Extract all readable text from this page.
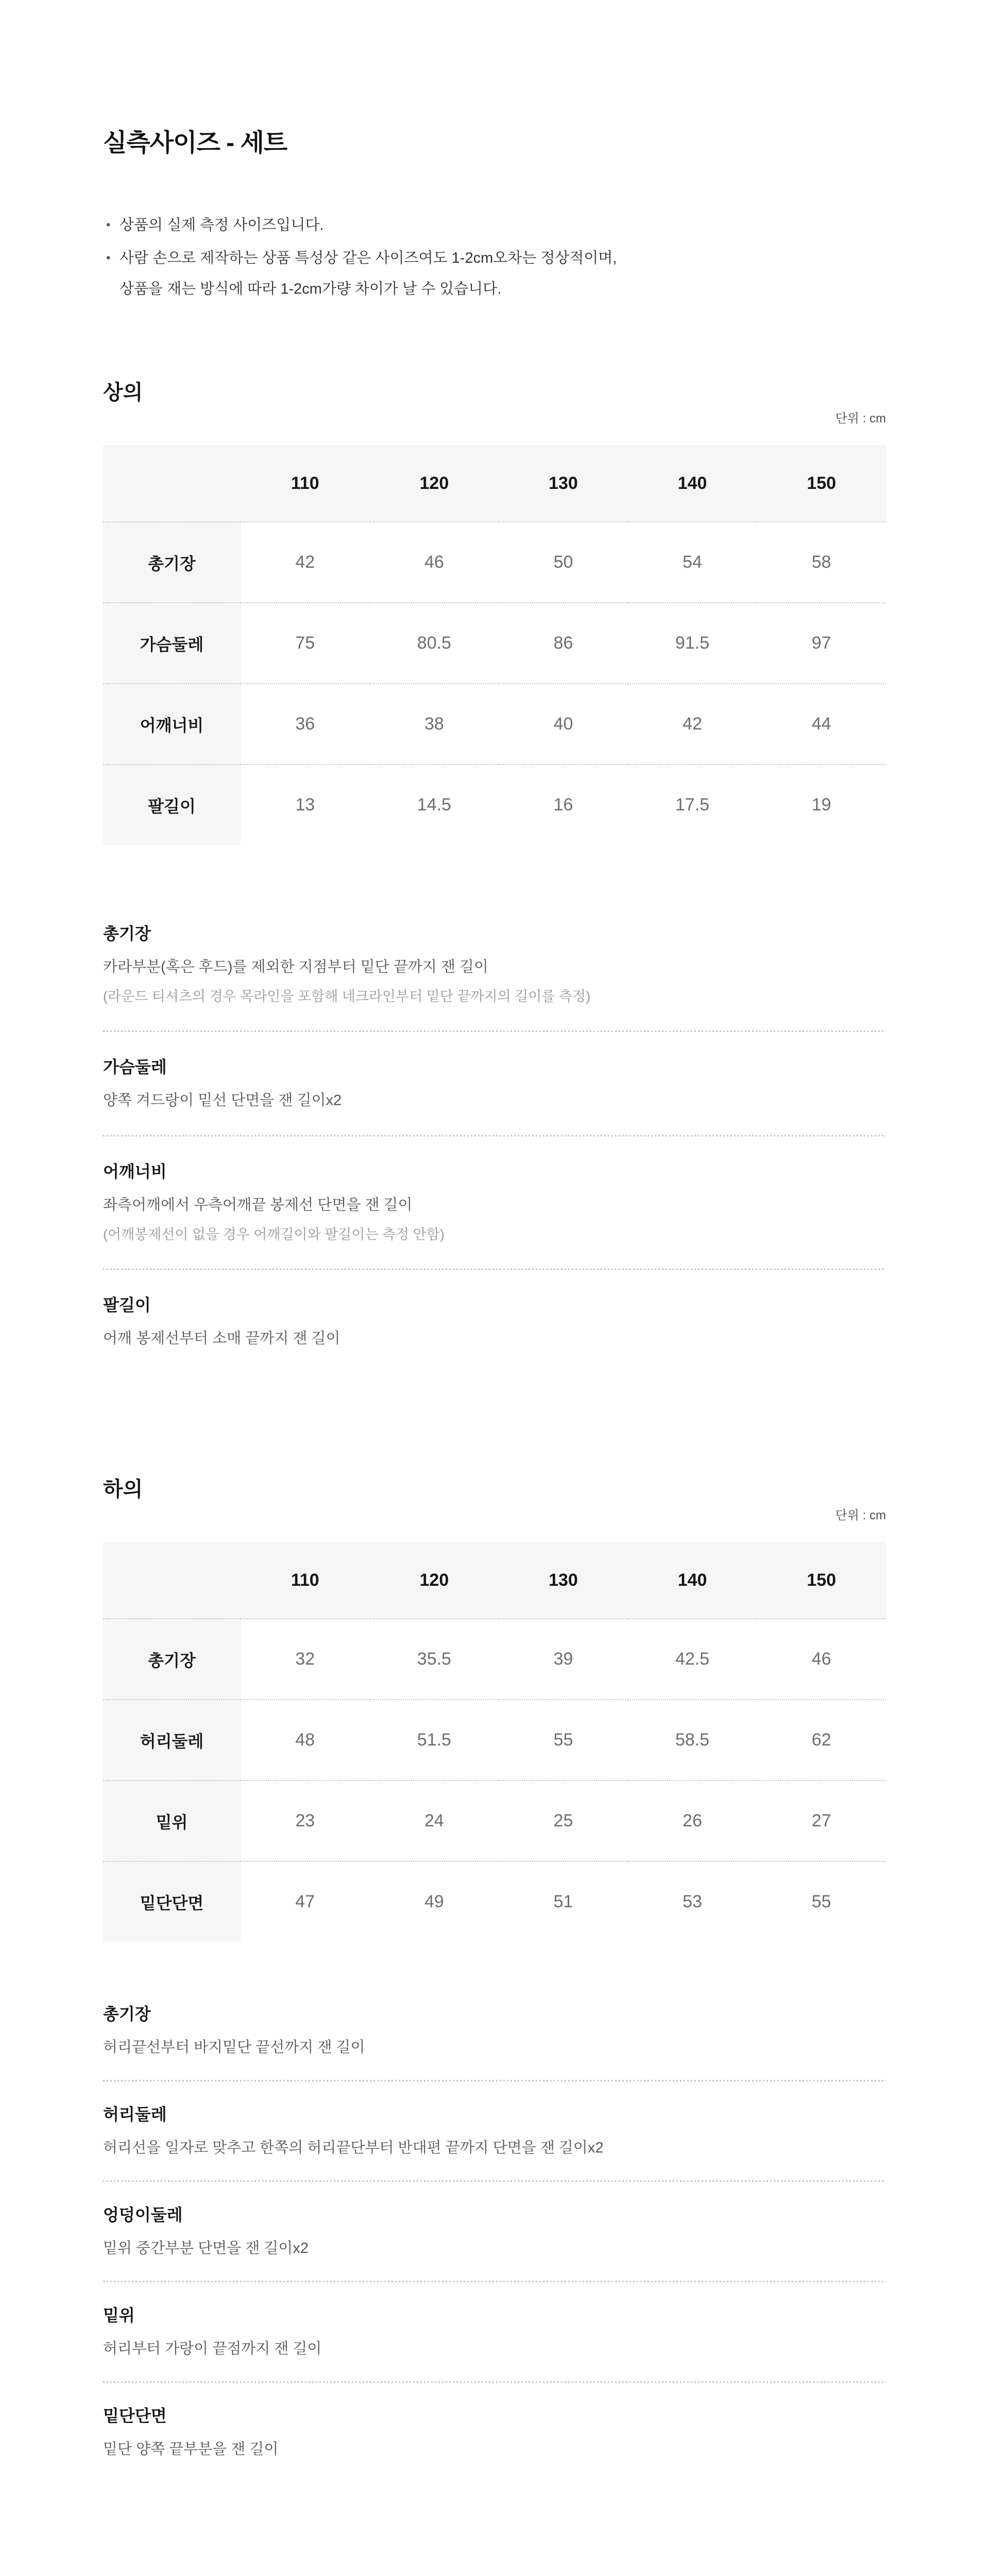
실측사이즈 - 세트
• 상품의 실제 측정 사이즈입니다.
• 사람 손으로 제작하는 상품 특성상 같은 사이즈여도 1-2cm오차는 정상적이며,
상품을 재는 방식에 따라 1-2cm가량 차이가 날 수 있습니다.
상의
단위 : cm
	110	120	130	140	150
총기장	42	46	50	54	58
가슴둘레	75	80.5	86	91.5	97
어깨너비	36	38	40	42	44
팔길이	13	14.5	16	17.5	19
총기장

카라부분(혹은 후드)를 제외한 지점부터 밑단 끝까지 잰 길이

(라운드 티셔츠의 경우 목라인을 포함해 네크라인부터 밑단 끝까지의 길이를 측정)

가슴둘레

양쪽 겨드랑이 밑선 단면을 잰 길이x2

어깨너비

좌측어깨에서 우측어깨끝 봉제선 단면을 잰 길이

(어깨봉제선이 없을 경우 어깨길이와 팔길이는 측정 안함)

팔길이

어깨 봉제선부터 소매 끝까지 잰 길이

하의
단위 : cm
	110	120	130	140	150
총기장	32	35.5	39	42.5	46
허리둘레	48	51.5	55	58.5	62
밑위	23	24	25	26	27
밑단단면	47	49	51	53	55
총기장

허리끝선부터 바지밑단 끝선까지 잰 길이

허리둘레

허리선을 일자로 맞추고 한쪽의 허리끝단부터 반대편 끝까지 단면을 잰 길이x2

엉덩이둘레

밑위 중간부분 단면을 잰 길이x2

밑위

허리부터 가랑이 끝점까지 잰 길이

밑단단면

밑단 양쪽 끝부분을 잰 길이
